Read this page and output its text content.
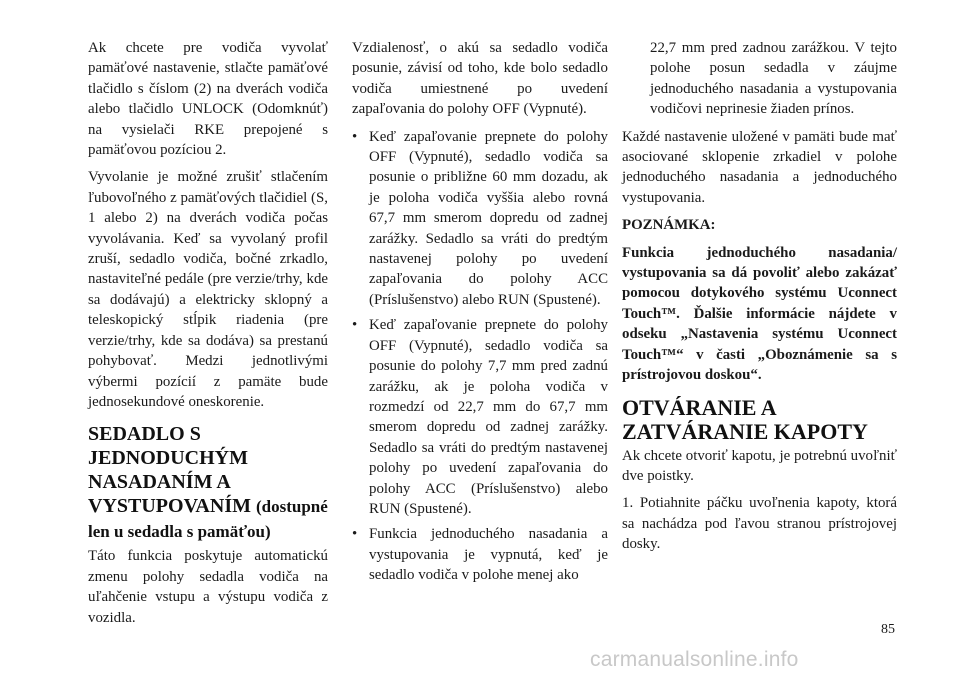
Ak chcete pre vodiča vyvolať pamäťové nastavenie, stlačte pamäťové tlačidlo s číslom (2) na dverách vodiča alebo tlačidlo UNLOCK (Odomknúť) na vysielači RKE prepojené s pamäťovou pozíciou 2.

Vyvolanie je možné zrušiť stlačením ľubovoľného z pamäťových tlačidiel (S, 1 alebo 2) na dverách vodiča počas vyvolávania. Keď sa vyvolaný profil zruší, sedadlo vodiča, bočné zrkadlo, nastaviteľné pedále (pre verzie/trhy, kde sa dodávajú) a elektricky sklopný a teleskopický stĺpik riadenia (pre verzie/trhy, kde sa dodáva) sa prestanú pohybovať. Medzi jednotlivými výbermi pozícií z pamäte bude jednosekundové oneskorenie.

SEDADLO S JEDNODUCHÝM NASADANÍM A VYSTUPOVANÍM (dostupné len u sedadla s pamäťou)

Táto funkcia poskytuje automatickú zmenu polohy sedadla vodiča na uľahčenie vstupu a výstupu vodiča z vozidla.

Vzdialenosť, o akú sa sedadlo vodiča posunie, závisí od toho, kde bolo sedadlo vodiča umiestnené po uvedení zapaľovania do polohy OFF (Vypnuté).

• Keď zapaľovanie prepnete do polohy OFF (Vypnuté), sedadlo vodiča sa posunie o približne 60 mm dozadu, ak je poloha vodiča vyššia alebo rovná 67,7 mm smerom dopredu od zadnej zarážky. Sedadlo sa vráti do predtým nastavenej polohy po uvedení zapaľovania do polohy ACC (Príslušenstvo) alebo RUN (Spustené).
• Keď zapaľovanie prepnete do polohy OFF (Vypnuté), sedadlo vodiča sa posunie do polohy 7,7 mm pred zadnú zarážku, ak je poloha vodiča v rozmedzí od 22,7 mm do 67,7 mm smerom dopredu od zadnej zarážky. Sedadlo sa vráti do predtým nastavenej polohy po uvedení zapaľovania do polohy ACC (Príslušenstvo) alebo RUN (Spustené).
• Funkcia jednoduchého nasadania a vystupovania je vypnutá, keď je sedadlo vodiča v polohe menej ako

22,7 mm pred zadnou zarážkou. V tejto polohe posun sedadla v záujme jednoduchého nasadania a vystupovania vodičovi neprinesie žiaden prínos.

Každé nastavenie uložené v pamäti bude mať asociované sklopenie zrkadiel v polohe jednoduchého nasadania a jednoduchého vystupovania.

POZNÁMKA:

Funkcia jednoduchého nasadania/ vystupovania sa dá povoliť alebo zakázať pomocou dotykového systému Uconnect Touch™. Ďalšie informácie nájdete v odseku „Nastavenia systému Uconnect Touch™“ v časti „Oboznámenie sa s prístrojovou doskou“.

OTVÁRANIE A ZATVÁRANIE KAPOTY

Ak chcete otvoriť kapotu, je potrebnú uvoľniť dve poistky.

1. Potiahnite páčku uvoľnenia kapoty, ktorá sa nachádza pod ľavou stranou prístrojovej dosky.

85
carmanualsonline.info
